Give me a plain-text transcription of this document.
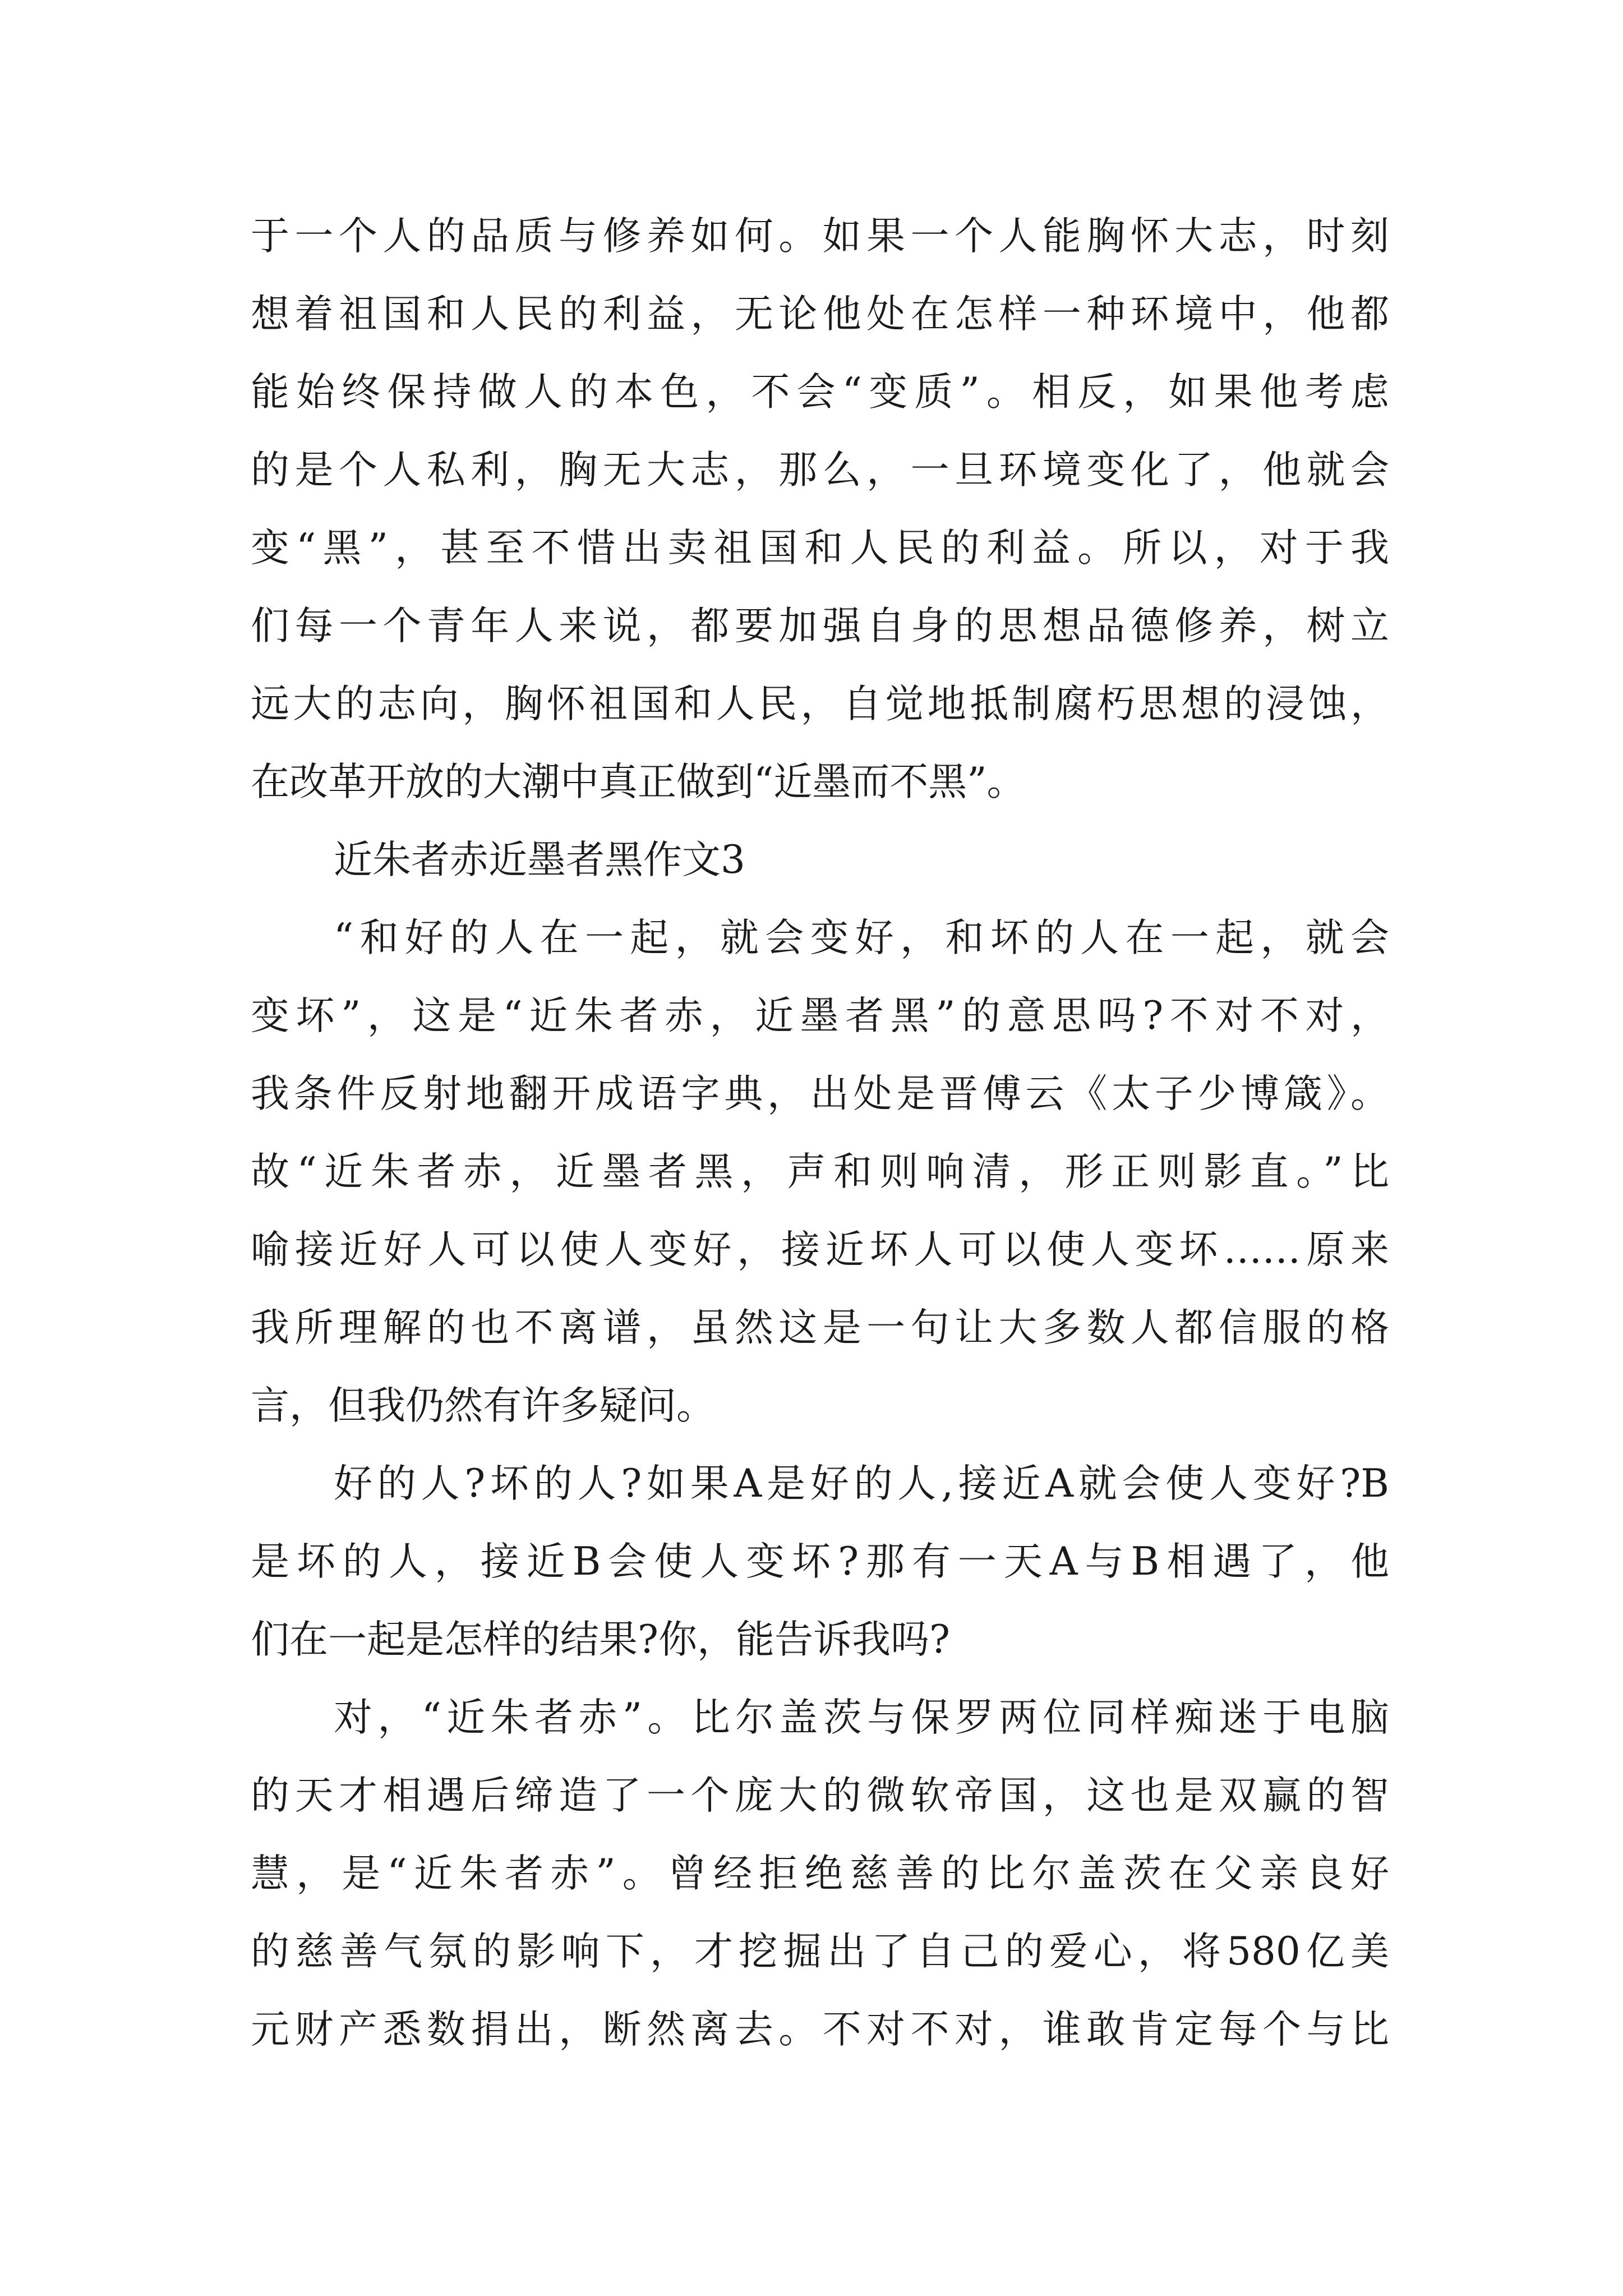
于一个人的品质与修养如何。如果一个人能胸怀大志，时刻
想着祖国和人民的利益，无论他处在怎样一种环境中，他都
能始终保持做人的本色，不会“变质”。相反，如果他考虑
的是个人私利，胸无大志，那么，一旦环境变化了，他就会
变“黑”，甚至不惜出卖祖国和人民的利益。所以，对于我
们每一个青年人来说，都要加强自身的思想品德修养，树立
远大的志向，胸怀祖国和人民，自觉地抵制腐朽思想的浸蚀，
在改革开放的大潮中真正做到“近墨而不黑”。
近朱者赤近墨者黑作文3
“和好的人在一起，就会变好，和坏的人在一起，就会
变坏”，这是“近朱者赤，近墨者黑”的意思吗?不对不对，
我条件反射地翻开成语字典，出处是晋傅云《太子少博箴》。
故“近朱者赤，近墨者黑，声和则响清，形正则影直。”比
喻接近好人可以使人变好，接近坏人可以使人变坏……原来
我所理解的也不离谱，虽然这是一句让大多数人都信服的格
言，但我仍然有许多疑问。
好的人?坏的人?如果A是好的人,接近A就会使人变好?B
是坏的人，接近B会使人变坏?那有一天A与B相遇了，他
们在一起是怎样的结果?你，能告诉我吗?
对，“近朱者赤”。比尔盖茨与保罗两位同样痴迷于电脑
的天才相遇后缔造了一个庞大的微软帝国，这也是双赢的智
慧，是“近朱者赤”。曾经拒绝慈善的比尔盖茨在父亲良好
的慈善气氛的影响下，才挖掘出了自己的爱心，将580亿美
元财产悉数捐出，断然离去。不对不对，谁敢肯定每个与比
